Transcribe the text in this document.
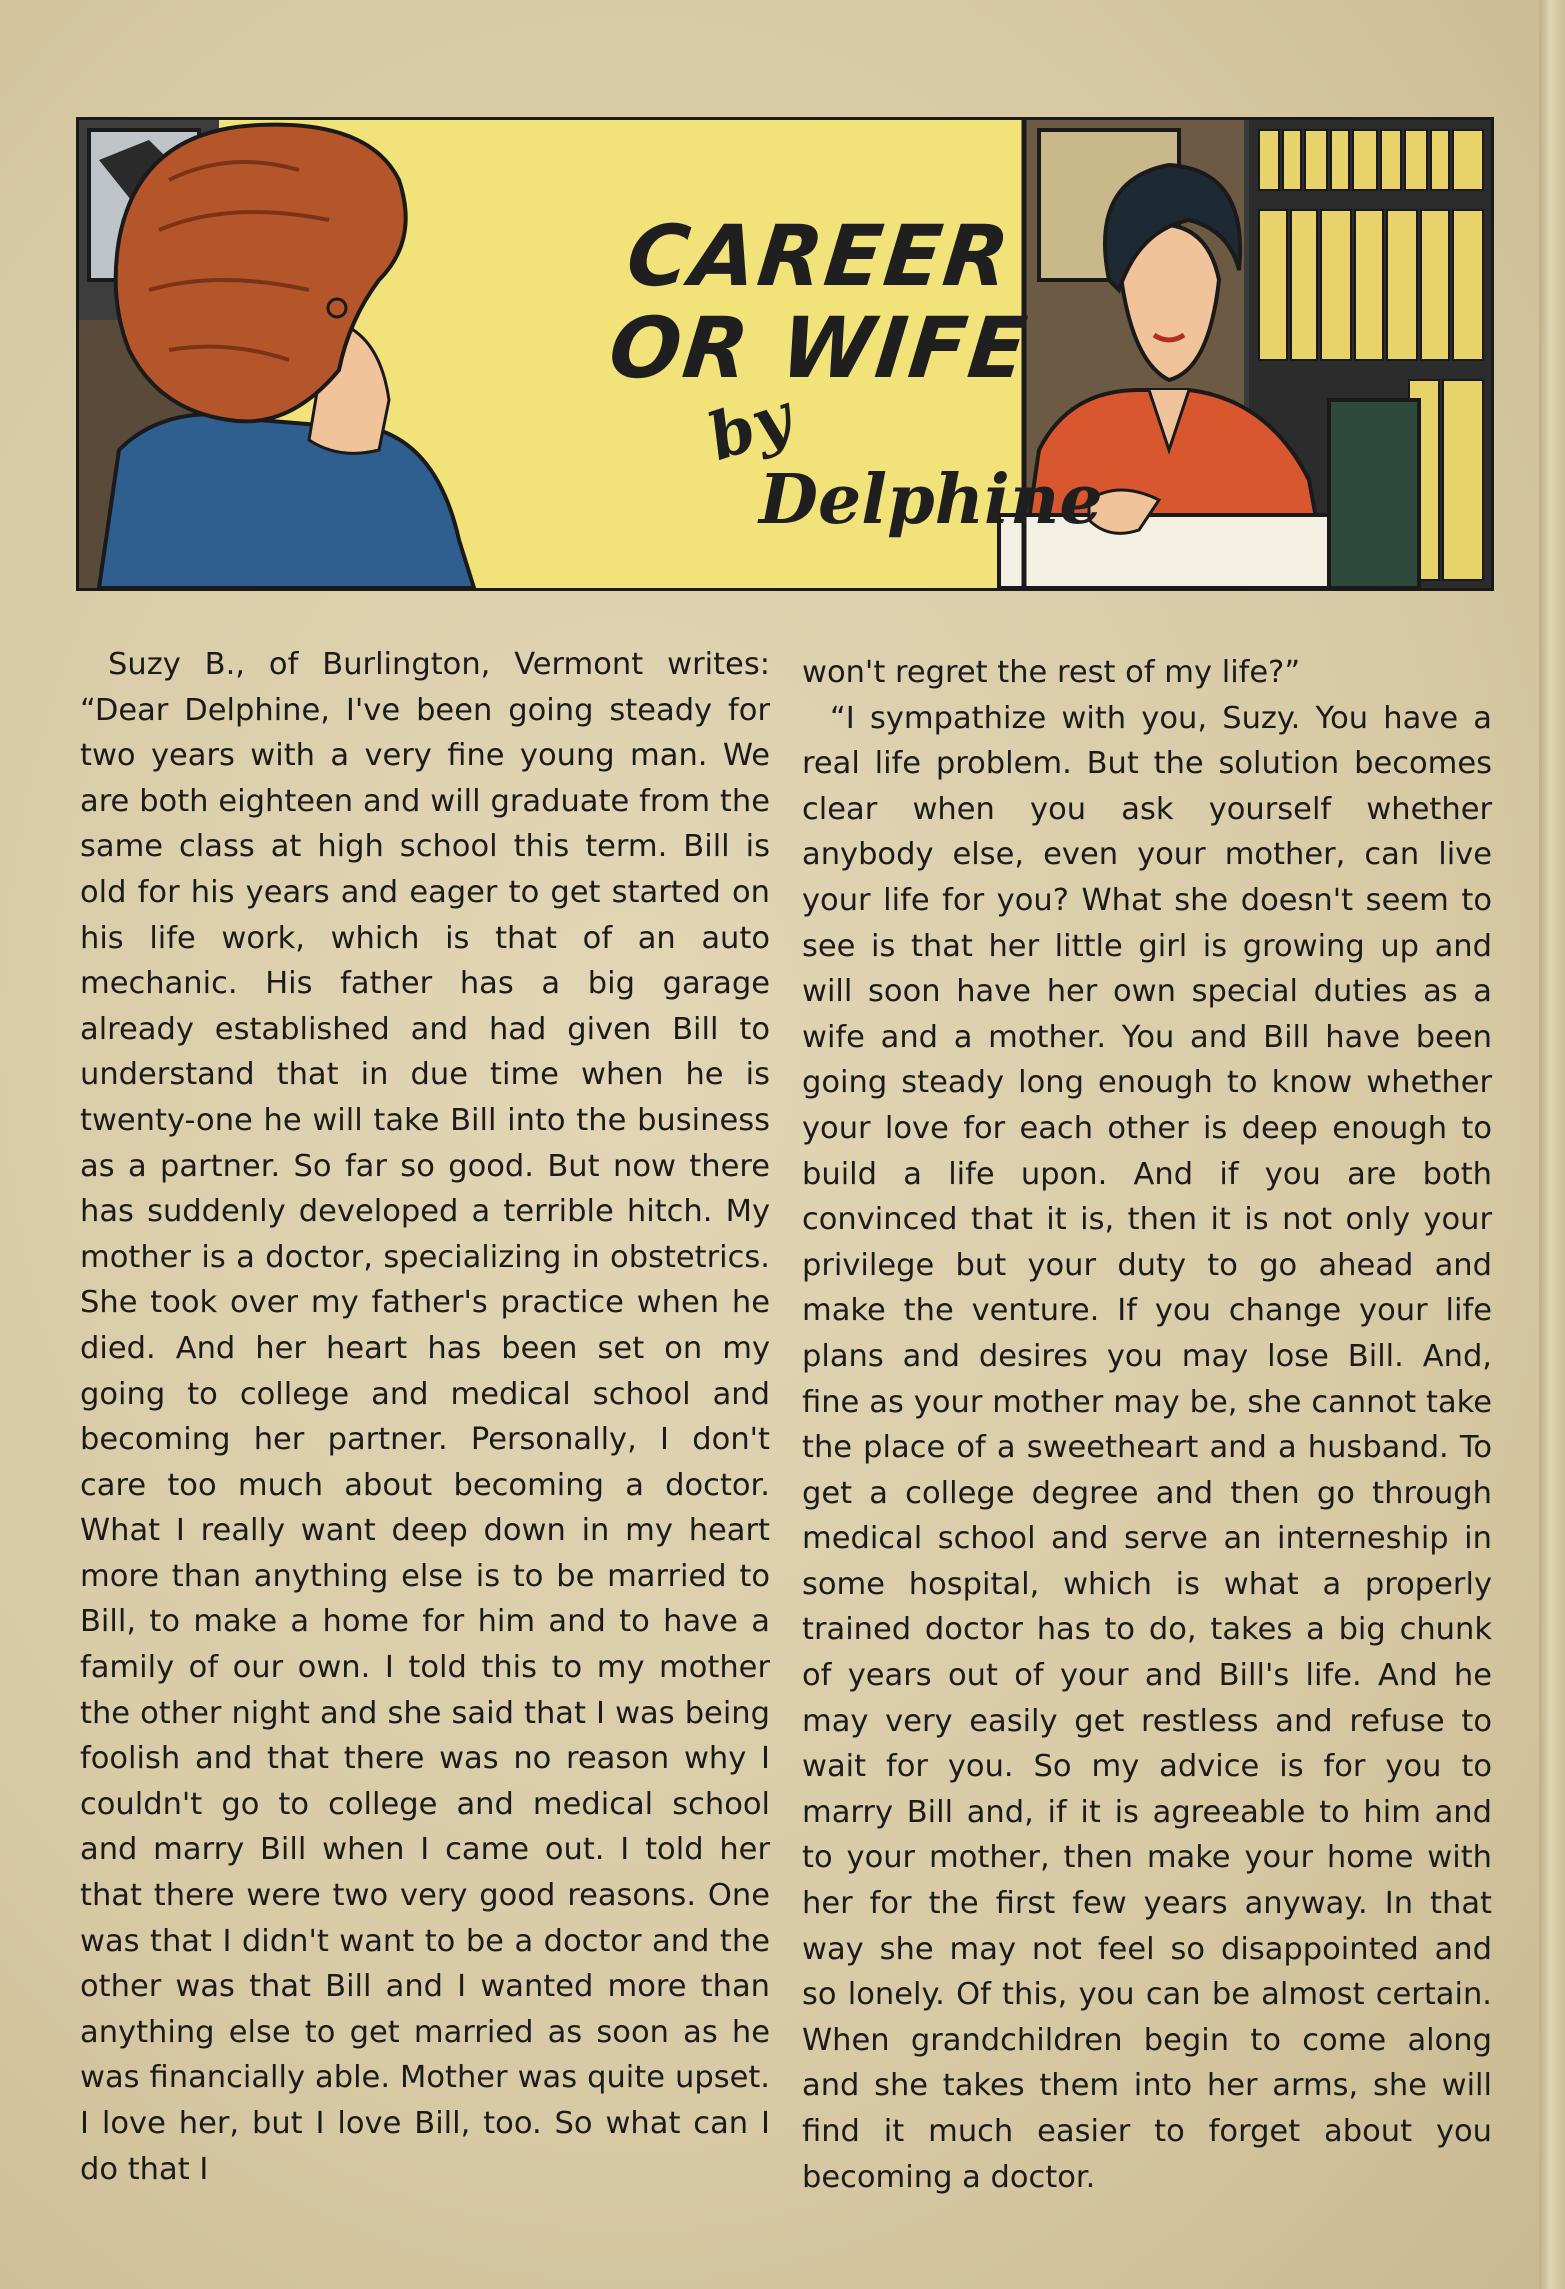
CAREER
OR WIFE
by
Delphine

Suzy B., of Burlington, Vermont writes: “Dear Delphine, I've been going steady for two years with a very fine young man. We are both eighteen and will graduate from the same class at high school this term. Bill is old for his years and eager to get started on his life work, which is that of an auto mechanic. His father has a big garage already established and had given Bill to understand that in due time when he is twenty-one he will take Bill into the business as a partner. So far so good. But now there has suddenly developed a terrible hitch. My mother is a doctor, specializing in obstetrics. She took over my father's practice when he died. And her heart has been set on my going to college and medical school and becoming her partner. Personally, I don't care too much about becoming a doctor. What I really want deep down in my heart more than anything else is to be married to Bill, to make a home for him and to have a family of our own. I told this to my mother the other night and she said that I was being foolish and that there was no reason why I couldn't go to college and medical school and marry Bill when I came out. I told her that there were two very good reasons. One was that I didn't want to be a doctor and the other was that Bill and I wanted more than anything else to get married as soon as he was financially able. Mother was quite upset. I love her, but I love Bill, too. So what can I do that I

won't regret the rest of my life?”

“I sympathize with you, Suzy. You have a real life problem. But the solution becomes clear when you ask yourself whether anybody else, even your mother, can live your life for you? What she doesn't seem to see is that her little girl is growing up and will soon have her own special duties as a wife and a mother. You and Bill have been going steady long enough to know whether your love for each other is deep enough to build a life upon. And if you are both convinced that it is, then it is not only your privilege but your duty to go ahead and make the venture. If you change your life plans and desires you may lose Bill. And, fine as your mother may be, she cannot take the place of a sweetheart and a husband. To get a college degree and then go through medical school and serve an interneship in some hospital, which is what a properly trained doctor has to do, takes a big chunk of years out of your and Bill's life. And he may very easily get restless and refuse to wait for you. So my advice is for you to marry Bill and, if it is agreeable to him and to your mother, then make your home with her for the first few years anyway. In that way she may not feel so disappointed and so lonely. Of this, you can be almost certain. When grandchildren begin to come along and she takes them into her arms, she will find it much easier to forget about you becoming a doctor.
